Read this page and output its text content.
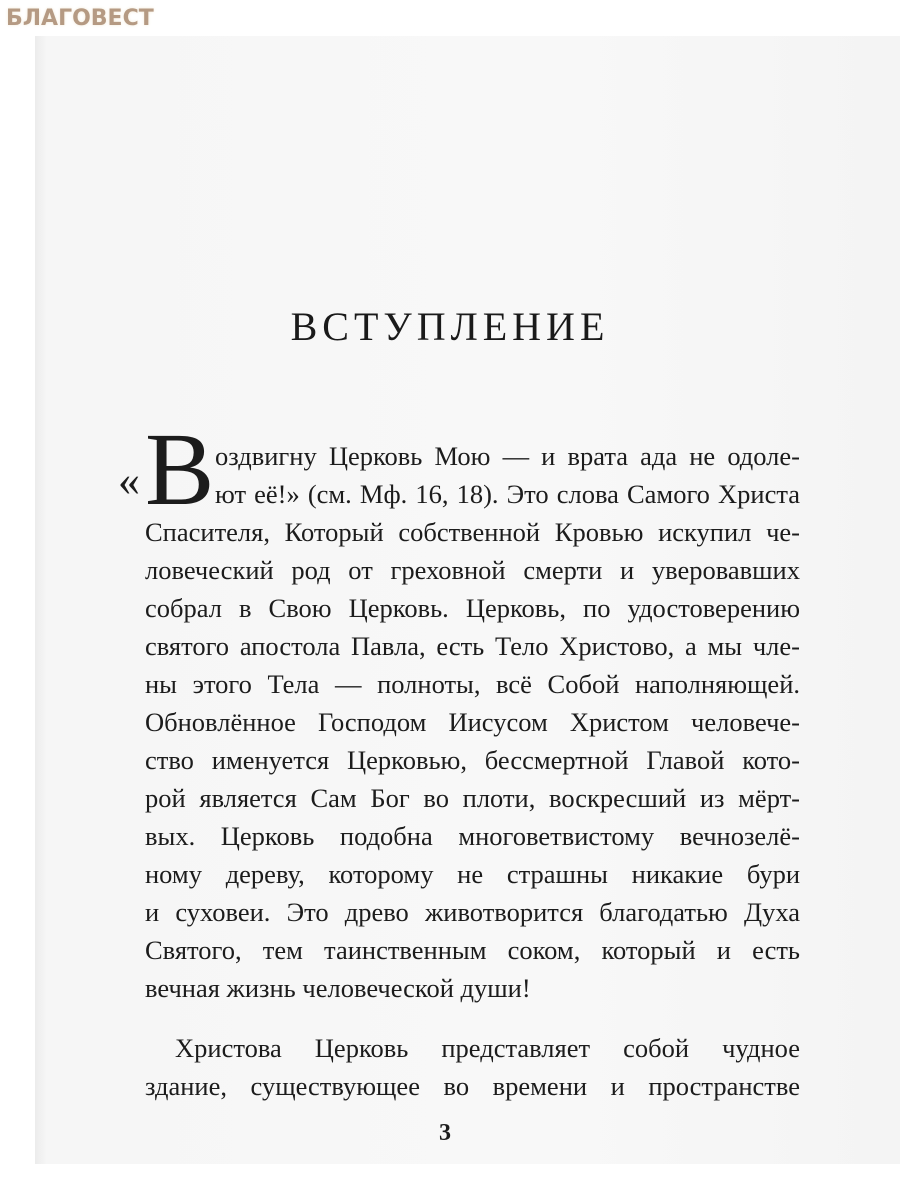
БЛАГОВЕСТ
ВСТУПЛЕНИЕ
« В оздвигну Церковь Мою — и врата ада не одоле-
ют её!» (см. Мф. 16, 18). Это слова Самого Христа
Спасителя, Который собственной Кровью искупил че-
ловеческий род от греховной смерти и уверовавших
собрал в Свою Церковь. Церковь, по удостоверению
святого апостола Павла, есть Тело Христово, а мы чле-
ны этого Тела — полноты, всё Собой наполняющей.
Обновлённое Господом Иисусом Христом человече-
ство именуется Церковью, бессмертной Главой кото-
рой является Сам Бог во плоти, воскресший из мёрт-
вых. Церковь подобна многоветвистому вечнозелё-
ному дереву, которому не страшны никакие бури
и суховеи. Это древо животворится благодатью Духа
Святого, тем таинственным соком, который и есть
вечная жизнь человеческой души!
Христова Церковь представляет собой чудное
здание, существующее во времени и пространстве
3
